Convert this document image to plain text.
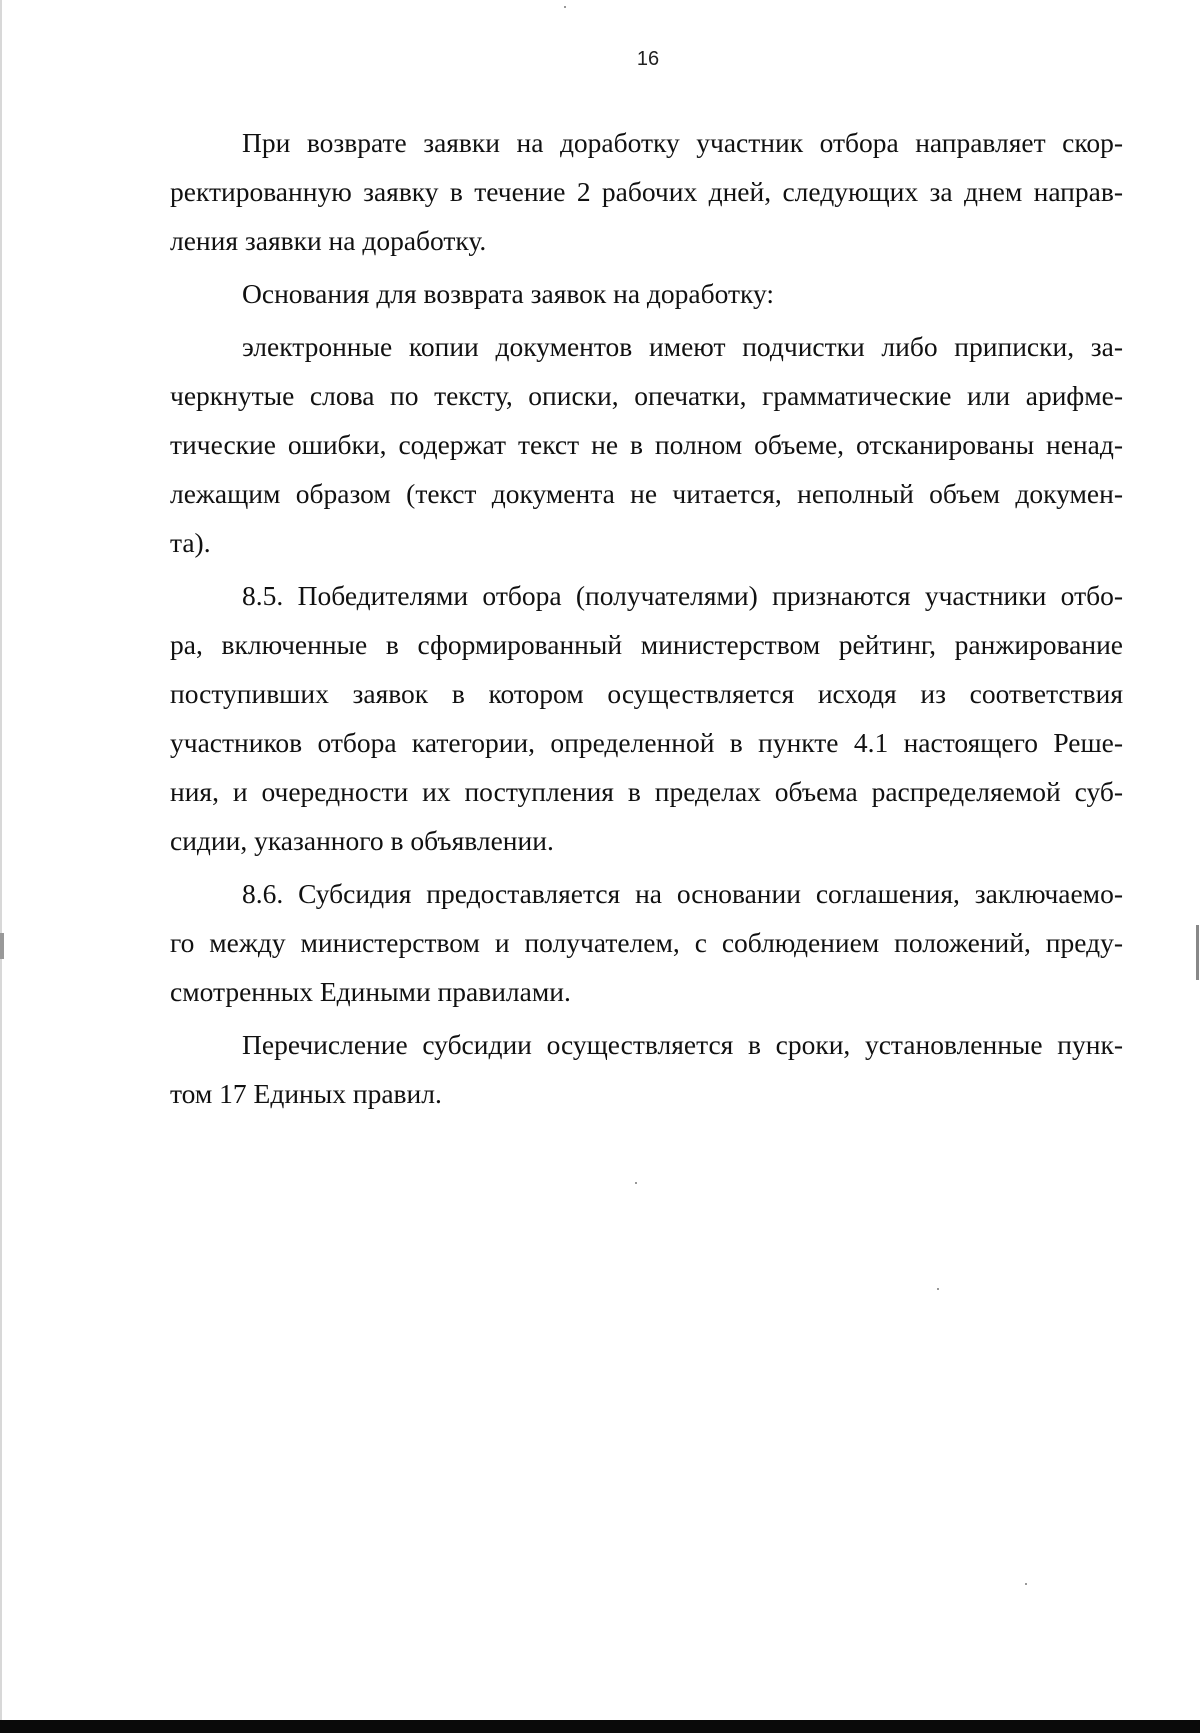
16
При возврате заявки на доработку участник отбора направляет скор-
ректированную заявку в течение 2 рабочих дней, следующих за днем направ-
ления заявки на доработку.
Основания для возврата заявок на доработку:
электронные копии документов имеют подчистки либо приписки, за-
черкнутые слова по тексту, описки, опечатки, грамматические или арифме-
тические ошибки, содержат текст не в полном объеме, отсканированы ненад-
лежащим образом (текст документа не читается, неполный объем докумен-
та).
8.5. Победителями отбора (получателями) признаются участники отбо-
ра, включенные в сформированный министерством рейтинг, ранжирование
поступивших заявок в котором осуществляется исходя из соответствия
участников отбора категории, определенной в пункте 4.1 настоящего Реше-
ния, и очередности их поступления в пределах объема распределяемой суб-
сидии, указанного в объявлении.
8.6. Субсидия предоставляется на основании соглашения, заключаемо-
го между министерством и получателем, с соблюдением положений, преду-
смотренных Едиными правилами.
Перечисление субсидии осуществляется в сроки, установленные пунк-
том 17 Единых правил.
